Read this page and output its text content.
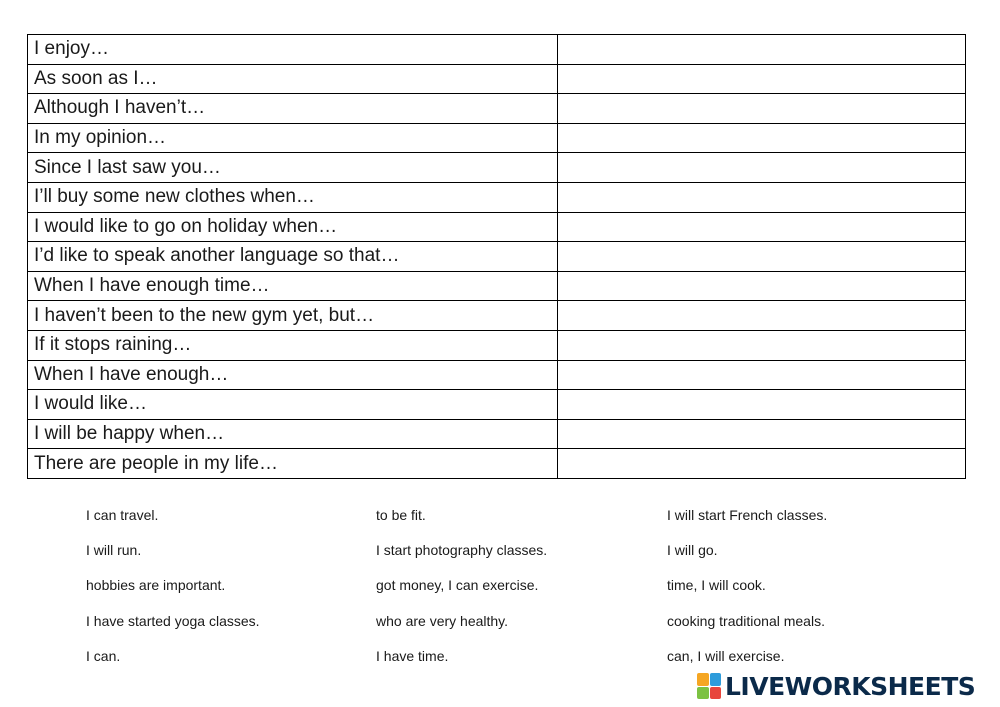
I enjoy…	
As soon as I…	
Although I haven’t…	
In my opinion…	
Since I last saw you…	
I’ll buy some new clothes when…	
I would like to go on holiday when…	
I’d like to speak another language so that…	
When I have enough time…	
I haven’t been to the new gym yet, but…	
If it stops raining…	
When I have enough…	
I would like…	
I will be happy when…	
There are people in my life…	
I can travel.	to be fit.	I will start French classes.
I will run.	I start photography classes.	I will go.
hobbies are important.	got money, I can exercise.	time, I will cook.
I have started yoga classes.	who are very healthy.	cooking traditional meals.
I can.	I have time.	can, I will exercise.
LIVEWORKSHEETS
